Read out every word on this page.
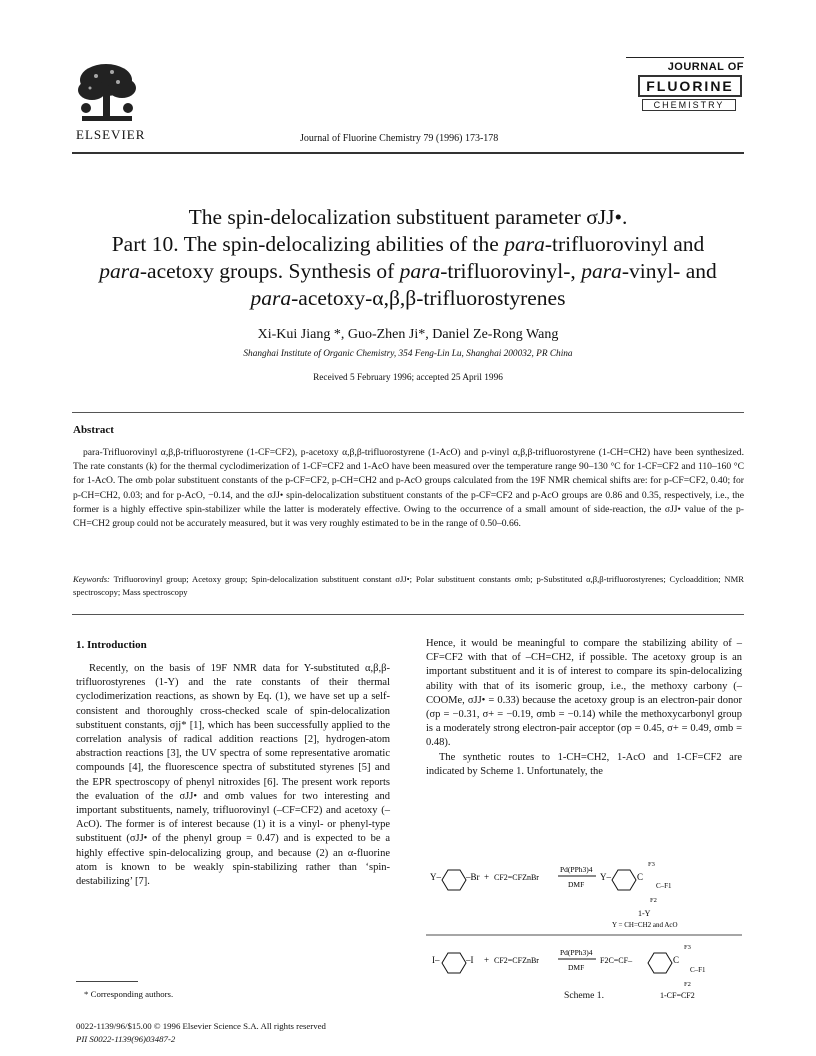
ELSEVIER	Journal of Fluorine Chemistry 79 (1996) 173-178
JOURNAL OF
FLUORINE
CHEMISTRY
The spin-delocalization substituent parameter σJJ•.
Part 10. The spin-delocalizing abilities of the para-trifluorovinyl and
para-acetoxy groups. Synthesis of para-trifluorovinyl-, para-vinyl- and
para-acetoxy-α,β,β-trifluorostyrenes
Xi-Kui Jiang *, Guo-Zhen Ji*, Daniel Ze-Rong Wang
Shanghai Institute of Organic Chemistry, 354 Feng-Lin Lu, Shanghai 200032, PR China
Received 5 February 1996; accepted 25 April 1996
Abstract
para-Trifluorovinyl α,β,β-trifluorostyrene (1-CF=CF2), p-acetoxy α,β,β-trifluorostyrene (1-AcO) and p-vinyl α,β,β-trifluorostyrene (1-CH=CH2) have been synthesized. The rate constants (k) for the thermal cyclodimerization of 1-CF=CF2 and 1-AcO have been measured over the temperature range 90–130 °C for 1-CF=CF2 and 110–160 °C for 1-AcO. The σmb polar substituent constants of the p-CF=CF2, p-CH=CH2 and p-AcO groups calculated from the 19F NMR chemical shifts are: for p-CF=CF2, 0.40; for p-CH=CH2, 0.03; and for p-AcO, −0.14, and the σJJ• spin-delocalization substituent constants of the p-CF=CF2 and p-AcO groups are 0.86 and 0.35, respectively, i.e., the former is a highly effective spin-stabilizer while the latter is moderately effective. Owing to the occurrence of a small amount of side-reaction, the σJJ• value of the p-CH=CH2 group could not be accurately measured, but it was very roughly estimated to be in the range of 0.50–0.66.
Keywords: Trifluorovinyl group; Acetoxy group; Spin-delocalization substituent constant σJJ•; Polar substituent constants σmb; p-Substituted α,β,β-trifluorostyrenes; Cycloaddition; NMR spectroscopy; Mass spectroscopy
1. Introduction
Recently, on the basis of 19F NMR data for Y-substituted α,β,β-trifluorostyrenes (1-Y) and the rate constants of their thermal cyclodimerization reactions, as shown by Eq. (1), we have set up a self-consistent and thoroughly cross-checked scale of spin-delocalization substituent constants, σjj* [1], which has been successfully applied to the correlation analysis of radical addition reactions [2], hydrogen-atom abstraction reactions [3], the UV spectra of some representative aromatic compounds [4], the fluorescence spectra of substituted styrenes [5] and the EPR spectroscopy of phenyl nitroxides [6]. The present work reports the evaluation of the σJJ• and σmb values for two interesting and important substituents, namely, trifluorovinyl (–CF=CF2) and acetoxy (–AcO). The former is of interest because (1) it is a vinyl- or phenyl-type substituent (σJJ• of the phenyl group = 0.47) and is expected to be a highly effective spin-delocalizing group, and because (2) an α-fluorine atom is known to be weakly spin-stabilizing rather than ‘spin-destabilizing’ [7].
Hence, it would be meaningful to compare the stabilizing ability of –CF=CF2 with that of –CH=CH2, if possible. The acetoxy group is an important substituent and it is of interest to compare its spin-delocalizing ability with that of its isomeric group, i.e., the methoxy carbony (–COOMe, σJJ• = 0.33) because the acetoxy group is an electron-pair donor (σp = −0.31, σ+ = −0.19, σmb = −0.14) while the methoxycarbonyl group is a moderately strong electron-pair acceptor (σp = 0.45, σ+ = 0.49, σmb = 0.48).
The synthetic routes to 1-CH=CH2, 1-AcO and 1-CF=CF2 are indicated by Scheme 1. Unfortunately, the
Y–	–Br + CF2=CFZnBr
Pd(PPh3)4
DMF
Y–	C
F3
C–F1
F2
1-Y
Y = CH=CH2 and AcO
I–	–I + CF2=CFZnBr
Pd(PPh3)4
DMF
F2C=CF–	C
F3
C–F1
F2
1-CF=CF2
Scheme 1.
* Corresponding authors.
0022-1139/96/$15.00 © 1996 Elsevier Science S.A. All rights reserved
PII S0022-1139(96)03487-2
